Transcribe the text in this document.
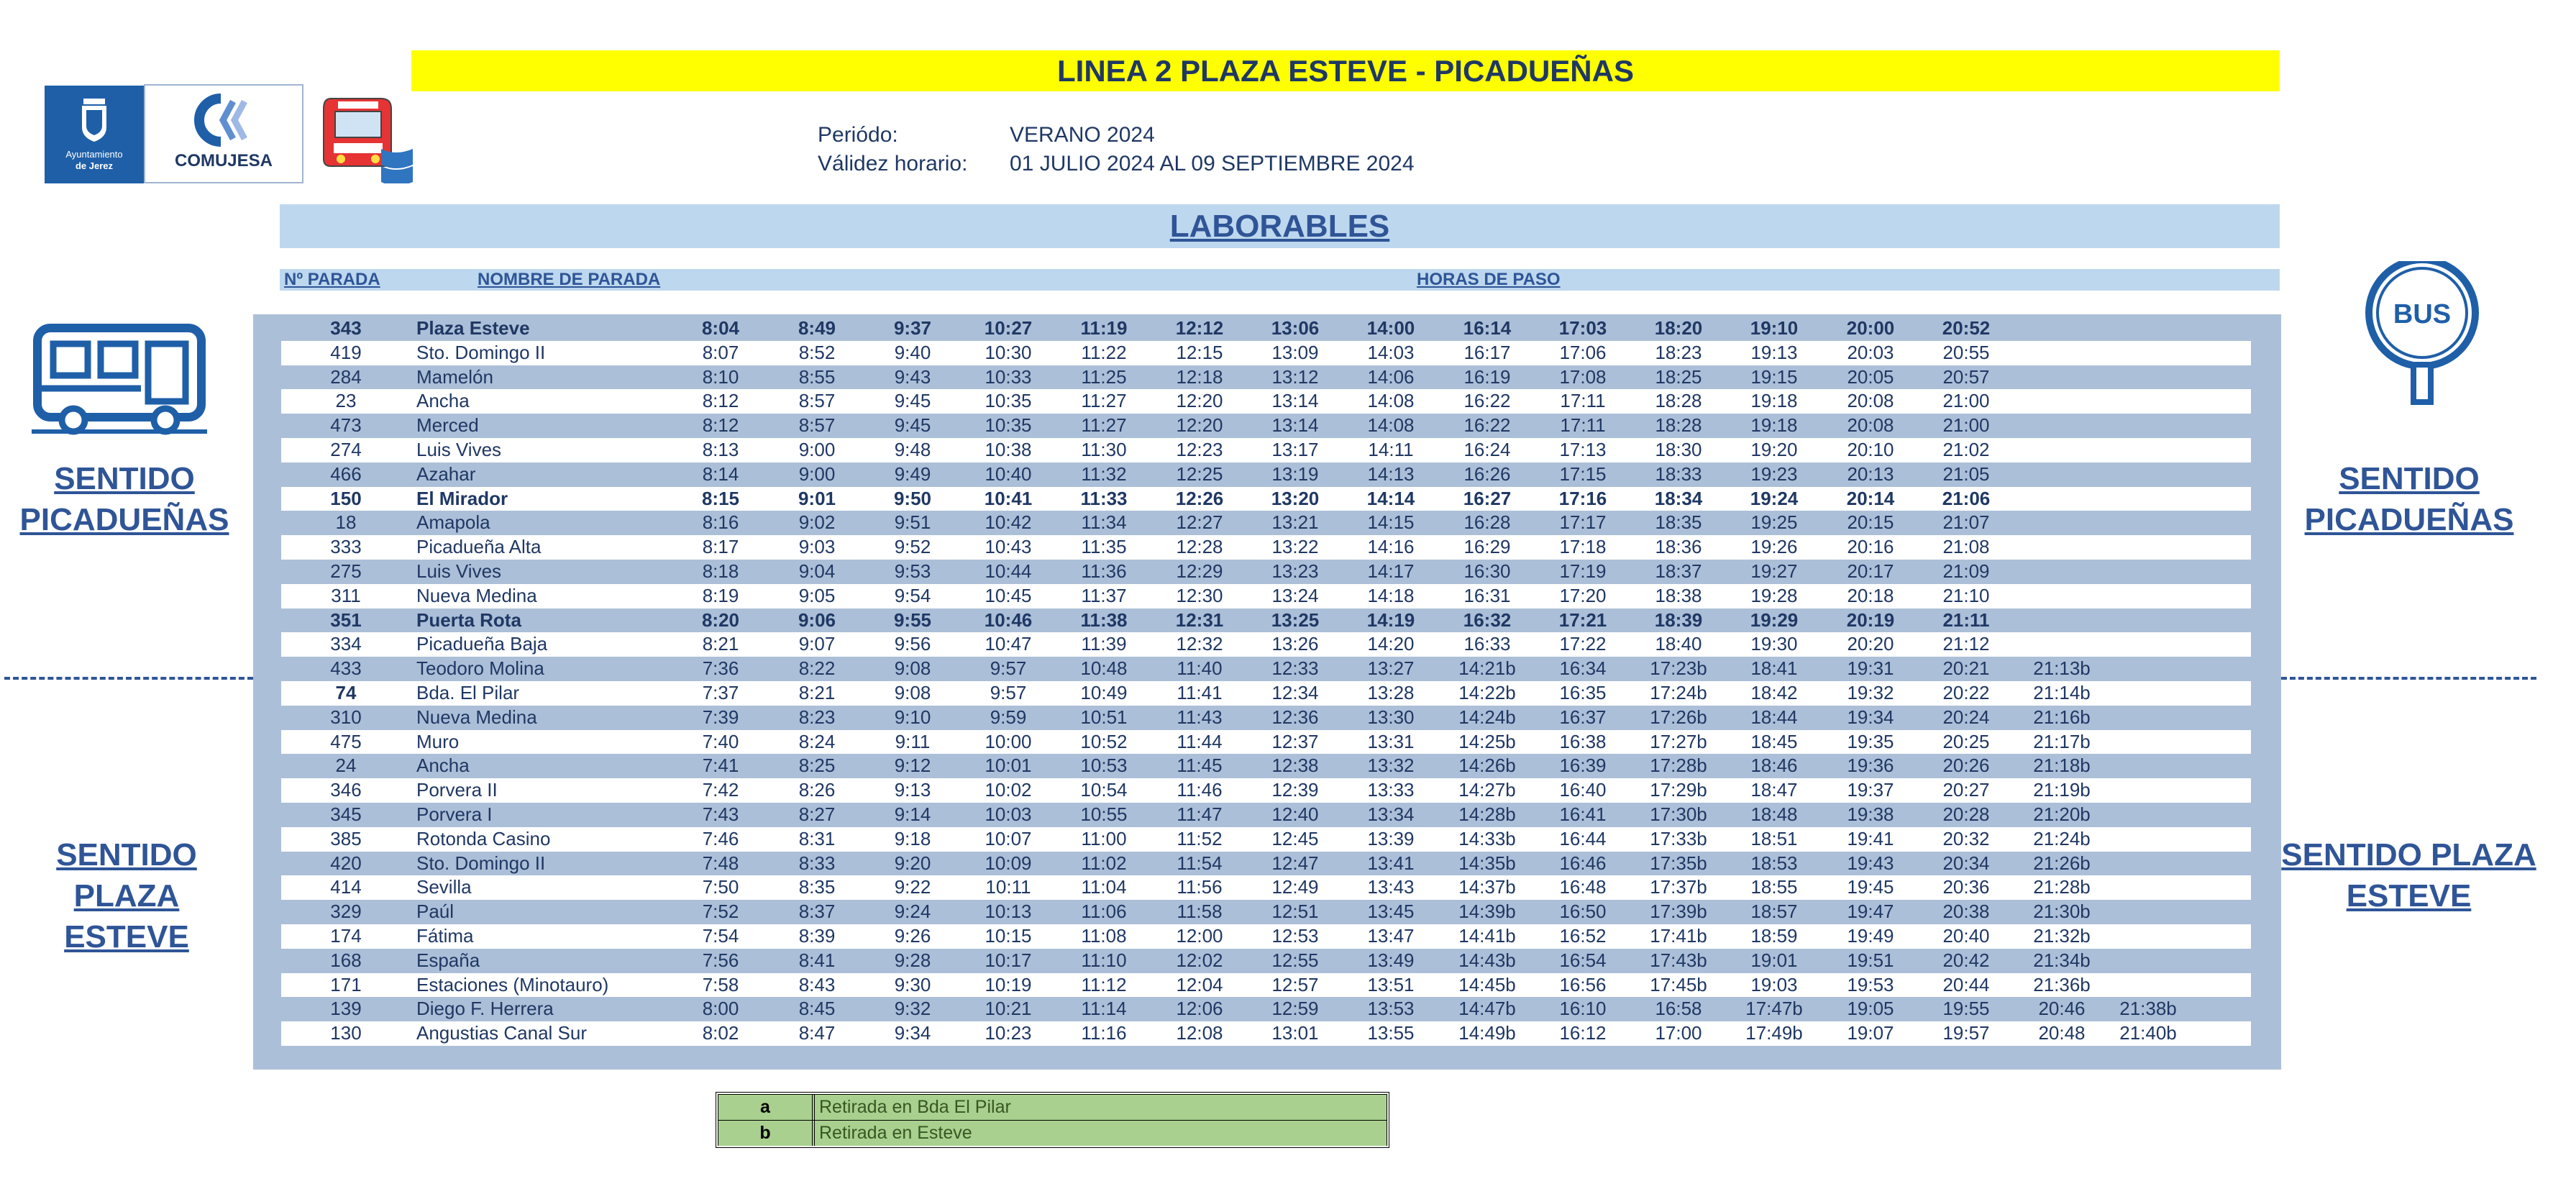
LINEA 2 PLAZA ESTEVE - PICADUEÑAS
Ayuntamiento
de Jerez	COMUJESA
Periódo:	VERANO 2024
Válidez horario: 01 JULIO 2024 AL 09 SEPTIEMBRE 2024
LABORABLES
Nº PARADA	NOMBRE DE PARADA	HORAS DE PASO
343	Plaza Esteve	8:04	8:49	9:37	10:27	11:19	12:12	13:06	14:00	16:14	17:03	18:20	19:10	20:00	20:52
419	Sto. Domingo II	8:07	8:52	9:40	10:30	11:22	12:15	13:09	14:03	16:17	17:06	18:23	19:13	20:03	20:55
284	Mamelón	8:10	8:55	9:43	10:33	11:25	12:18	13:12	14:06	16:19	17:08	18:25	19:15	20:05	20:57
23	Ancha	8:12	8:57	9:45	10:35	11:27	12:20	13:14	14:08	16:22	17:11	18:28	19:18	20:08	21:00
473	Merced	8:12	8:57	9:45	10:35	11:27	12:20	13:14	14:08	16:22	17:11	18:28	19:18	20:08	21:00
274	Luis Vives	8:13	9:00	9:48	10:38	11:30	12:23	13:17	14:11	16:24	17:13	18:30	19:20	20:10	21:02
466	Azahar	8:14	9:00	9:49	10:40	11:32	12:25	13:19	14:13	16:26	17:15	18:33	19:23	20:13	21:05
150	El Mirador	8:15	9:01	9:50	10:41	11:33	12:26	13:20	14:14	16:27	17:16	18:34	19:24	20:14	21:06
18	Amapola	8:16	9:02	9:51	10:42	11:34	12:27	13:21	14:15	16:28	17:17	18:35	19:25	20:15	21:07
333	Picadueña Alta	8:17	9:03	9:52	10:43	11:35	12:28	13:22	14:16	16:29	17:18	18:36	19:26	20:16	21:08
275	Luis Vives	8:18	9:04	9:53	10:44	11:36	12:29	13:23	14:17	16:30	17:19	18:37	19:27	20:17	21:09
311	Nueva Medina	8:19	9:05	9:54	10:45	11:37	12:30	13:24	14:18	16:31	17:20	18:38	19:28	20:18	21:10
351	Puerta Rota	8:20	9:06	9:55	10:46	11:38	12:31	13:25	14:19	16:32	17:21	18:39	19:29	20:19	21:11
334	Picadueña Baja	8:21	9:07	9:56	10:47	11:39	12:32	13:26	14:20	16:33	17:22	18:40	19:30	20:20	21:12
433	Teodoro Molina	7:36	8:22	9:08	9:57	10:48	11:40	12:33	13:27	14:21b	16:34	17:23b	18:41	19:31	20:21	21:13b
74	Bda. El Pilar	7:37	8:21	9:08	9:57	10:49	11:41	12:34	13:28	14:22b	16:35	17:24b	18:42	19:32	20:22	21:14b
310	Nueva Medina	7:39	8:23	9:10	9:59	10:51	11:43	12:36	13:30	14:24b	16:37	17:26b	18:44	19:34	20:24	21:16b
475	Muro	7:40	8:24	9:11	10:00	10:52	11:44	12:37	13:31	14:25b	16:38	17:27b	18:45	19:35	20:25	21:17b
24	Ancha	7:41	8:25	9:12	10:01	10:53	11:45	12:38	13:32	14:26b	16:39	17:28b	18:46	19:36	20:26	21:18b
346	Porvera II	7:42	8:26	9:13	10:02	10:54	11:46	12:39	13:33	14:27b	16:40	17:29b	18:47	19:37	20:27	21:19b
345	Porvera I	7:43	8:27	9:14	10:03	10:55	11:47	12:40	13:34	14:28b	16:41	17:30b	18:48	19:38	20:28	21:20b
385	Rotonda Casino	7:46	8:31	9:18	10:07	11:00	11:52	12:45	13:39	14:33b	16:44	17:33b	18:51	19:41	20:32	21:24b
420	Sto. Domingo II	7:48	8:33	9:20	10:09	11:02	11:54	12:47	13:41	14:35b	16:46	17:35b	18:53	19:43	20:34	21:26b
414	Sevilla	7:50	8:35	9:22	10:11	11:04	11:56	12:49	13:43	14:37b	16:48	17:37b	18:55	19:45	20:36	21:28b
329	Paúl	7:52	8:37	9:24	10:13	11:06	11:58	12:51	13:45	14:39b	16:50	17:39b	18:57	19:47	20:38	21:30b
174	Fátima	7:54	8:39	9:26	10:15	11:08	12:00	12:53	13:47	14:41b	16:52	17:41b	18:59	19:49	20:40	21:32b
168	España	7:56	8:41	9:28	10:17	11:10	12:02	12:55	13:49	14:43b	16:54	17:43b	19:01	19:51	20:42	21:34b
171	Estaciones (Minotauro)	7:58	8:43	9:30	10:19	11:12	12:04	12:57	13:51	14:45b	16:56	17:45b	19:03	19:53	20:44	21:36b
139	Diego F. Herrera	8:00	8:45	9:32	10:21	11:14	12:06	12:59	13:53	14:47b	16:10	16:58	17:47b	19:05	19:55	20:46	21:38b
130	Angustias Canal Sur	8:02	8:47	9:34	10:23	11:16	12:08	13:01	13:55	14:49b	16:12	17:00	17:49b	19:07	19:57	20:48	21:40b
SENTIDO
PICADUEÑAS
SENTIDO PLAZA
ESTEVE
BUS
SENTIDO
PICADUEÑAS
SENTIDO PLAZA
ESTEVE
a	Retirada en Bda El Pilar
b	Retirada en Esteve
